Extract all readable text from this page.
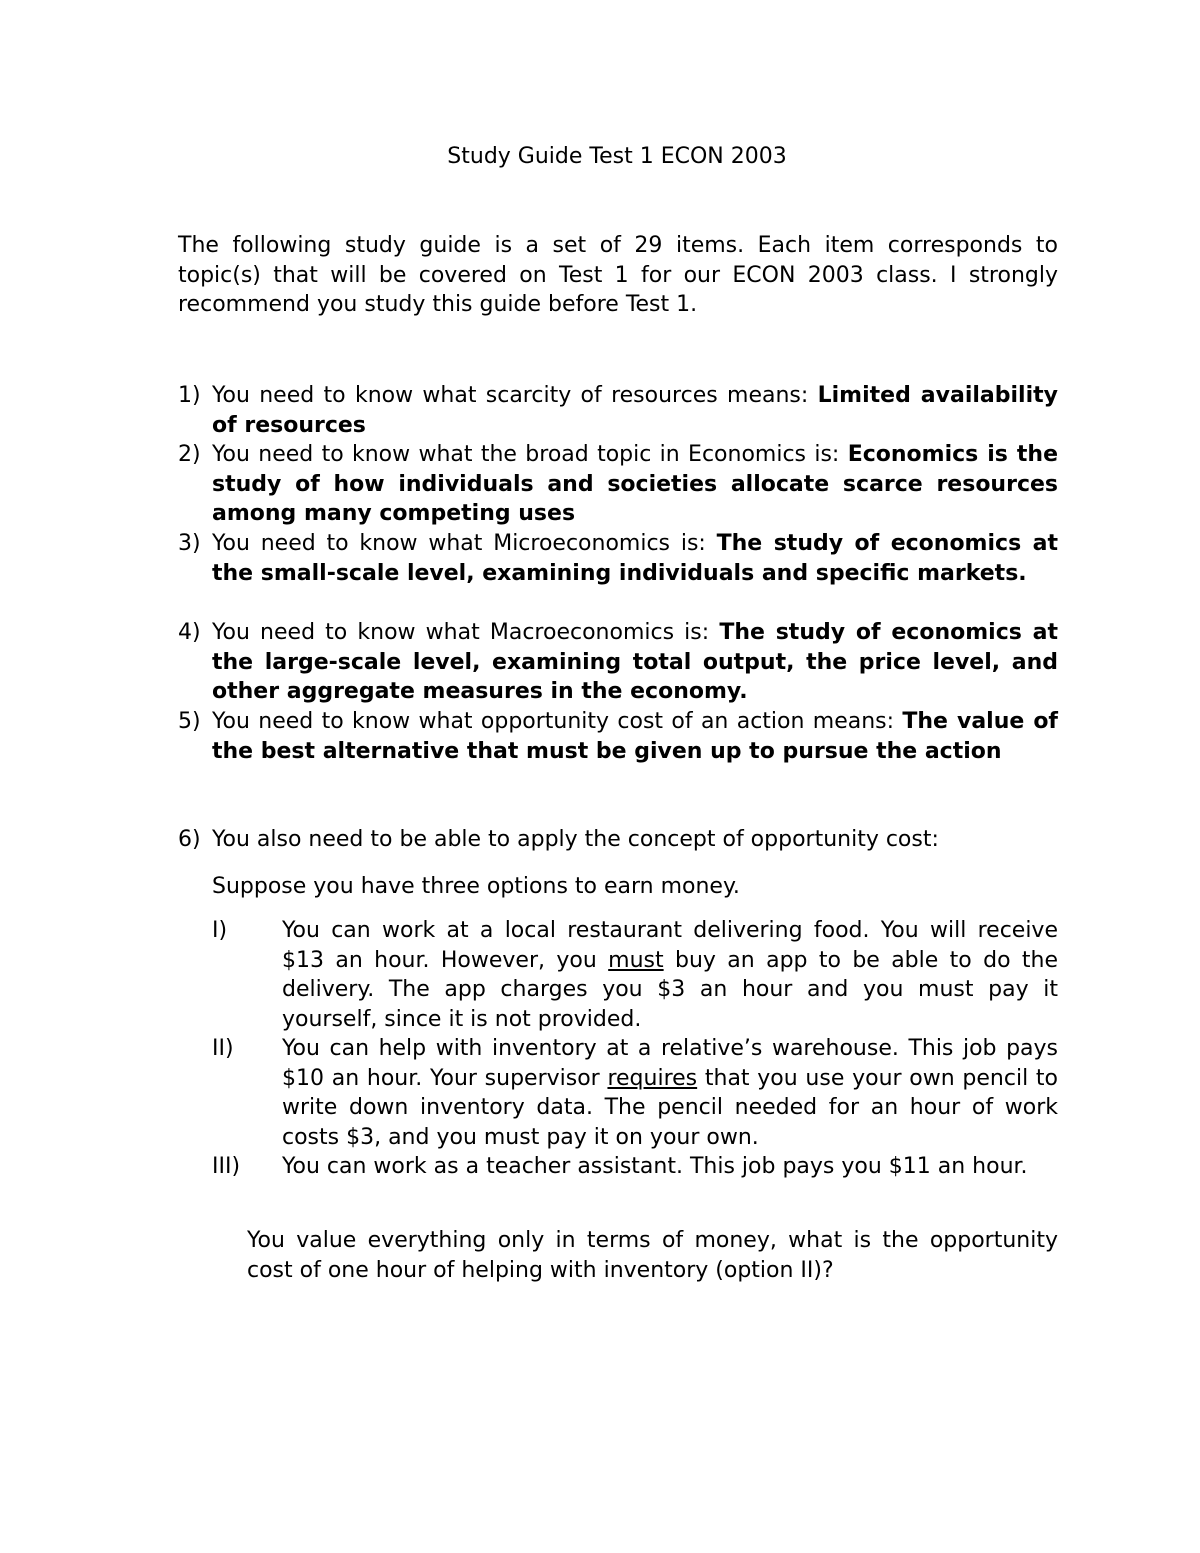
Study Guide Test 1 ECON 2003
The following study guide is a set of 29 items. Each item corresponds to topic(s) that will be covered on Test 1 for our ECON 2003 class. I strongly recommend you study this guide before Test 1.
1) You need to know what scarcity of resources means: Limited availability of resources
2) You need to know what the broad topic in Economics is: Economics is the study of how individuals and societies allocate scarce resources among many competing uses
3) You need to know what Microeconomics is: The study of economics at the small-scale level, examining individuals and specific markets.
4) You need to know what Macroeconomics is: The study of economics at the large-scale level, examining total output, the price level, and other aggregate measures in the economy.
5) You need to know what opportunity cost of an action means: The value of the best alternative that must be given up to pursue the action
6) You also need to be able to apply the concept of opportunity cost:
Suppose you have three options to earn money.
I) You can work at a local restaurant delivering food. You will receive $13 an hour. However, you must buy an app to be able to do the delivery. The app charges you $3 an hour and you must pay it yourself, since it is not provided.
II) You can help with inventory at a relative’s warehouse. This job pays $10 an hour. Your supervisor requires that you use your own pencil to write down inventory data. The pencil needed for an hour of work costs $3, and you must pay it on your own.
III) You can work as a teacher assistant. This job pays you $11 an hour.
You value everything only in terms of money, what is the opportunity cost of one hour of helping with inventory (option II)?
